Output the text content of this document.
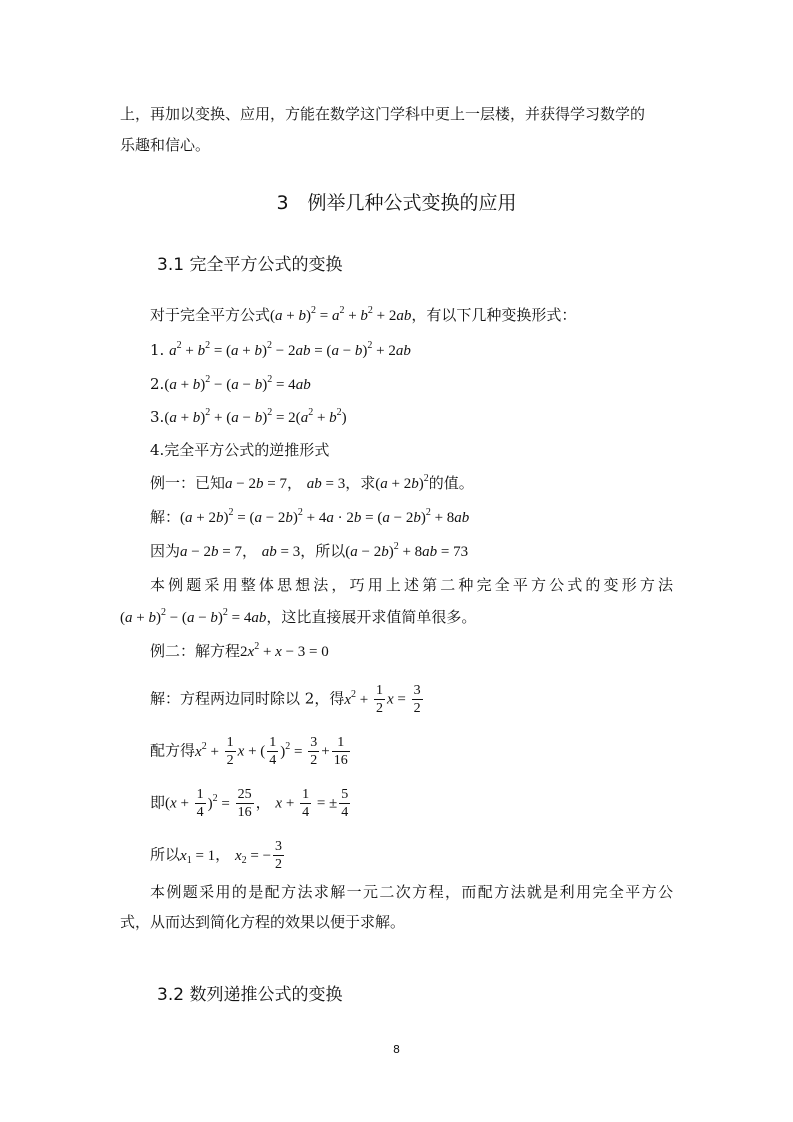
上，再加以变换、应用，方能在数学这门学科中更上一层楼，并获得学习数学的
乐趣和信心。
3　例举几种公式变换的应用
3.1 完全平方公式的变换
对于完全平方公式$(a + b)^2 = a^2 + b^2 + 2ab$，有以下几种变换形式：
1. $a^2 + b^2 = (a + b)^2 - 2ab = (a - b)^2 + 2ab$
$2.(a + b)^2 - (a - b)^2 = 4ab$
$3.(a + b)^2 + (a - b)^2 = 2(a^2 + b^2)$
4.完全平方公式的逆推形式
例一：已知a − 2b = 7， ab = 3，求$(a + 2b)^2$的值。
解：$(a + 2b)^2 = (a - 2b)^2 + 4a \cdot 2b = (a - 2b)^2 + 8ab$
因为a − 2b = 7， ab = 3，所以$(a - 2b)^2 + 8ab = 73$
本例题采用整体思想法，巧用上述第二种完全平方公式的变形方法
$(a + b)^2 - (a - b)^2 = 4ab$，这比直接展开求值简单很多。
例二：解方程$2x^2 + x - 3 = 0$
解：方程两边同时除以 2，得$x^2 + \frac{1}{2}$ $x = \frac{3}{2}$
配方得$x^2 + \frac{1}{2}$ x + ( $\frac{1}{4} )^2 = \frac{3}{2} + \frac{1}{16}$
即$(x + \frac{1}{4} )^2 = \frac{25}{16}$ ， $x + \frac{1}{4}$ = ± $\frac{5}{4}$
所以$x_1 = 1$， $x_2$ = − $\frac{3}{2}$
本例题采用的是配方法求解一元二次方程，而配方法就是利用完全平方公
式，从而达到简化方程的效果以便于求解。
3.2 数列递推公式的变换
8
